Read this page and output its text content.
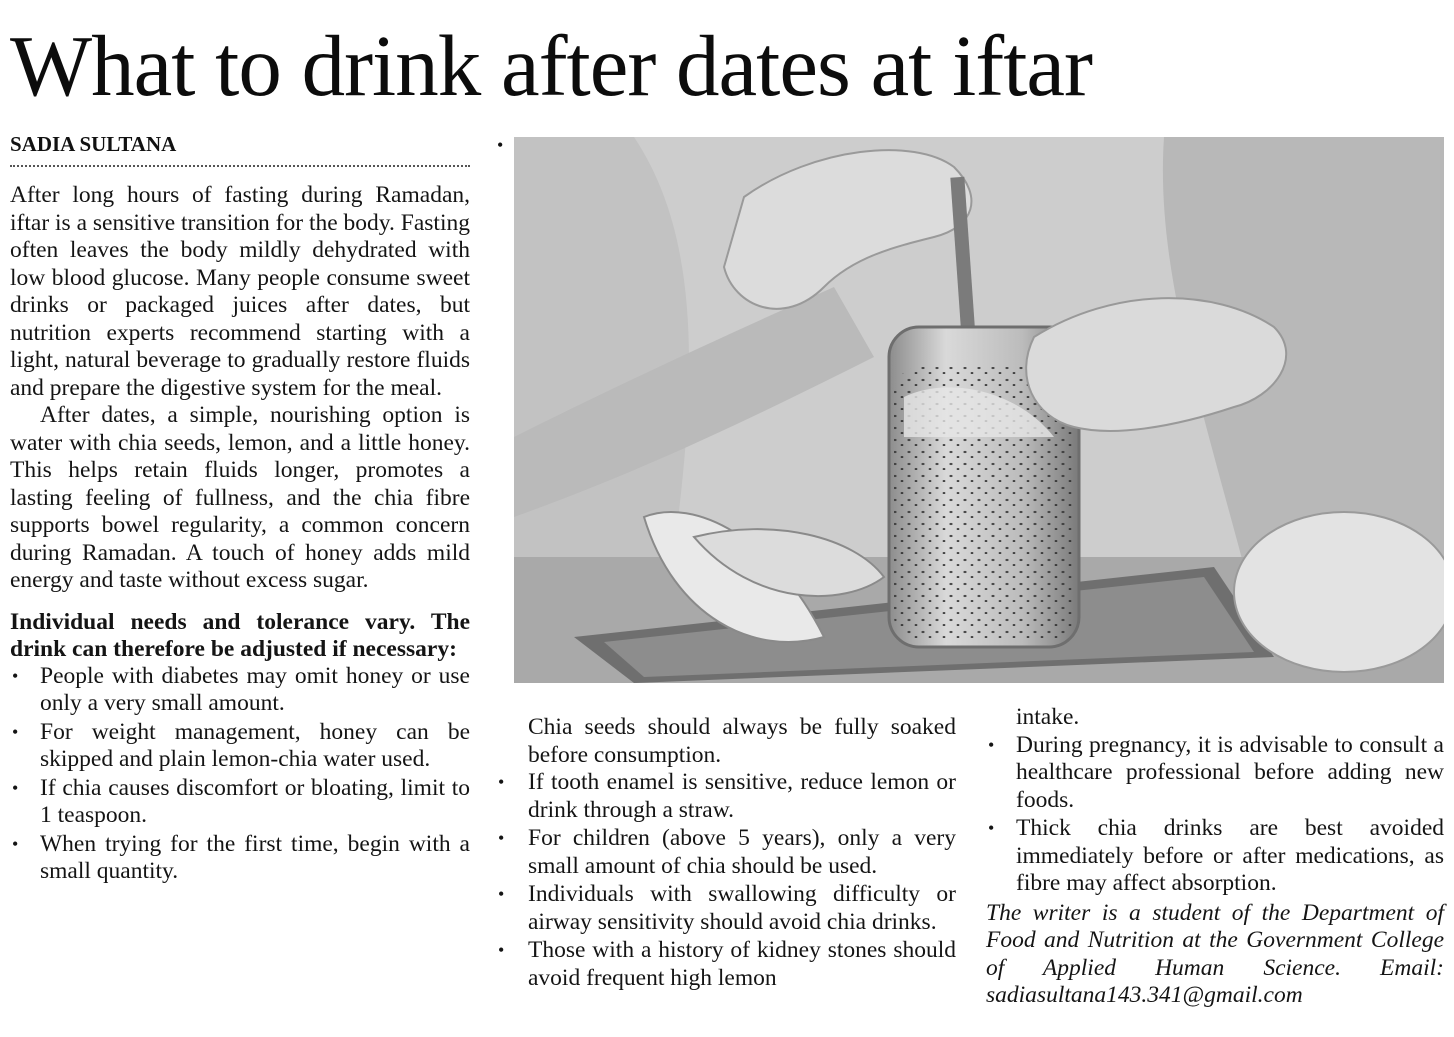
What to drink after dates at iftar
SADIA SULTANA	•

After long hours of fasting during Ramadan, iftar is a sensitive transition for the body. Fasting often leaves the body mildly dehydrated with low blood glucose. Many people consume sweet drinks or packaged juices after dates, but nutrition experts recommend starting with a light, natural beverage to gradually restore fluids and prepare the digestive system for the meal.

After dates, a simple, nourishing option is water with chia seeds, lemon, and a little honey. This helps retain fluids longer, promotes a lasting feeling of fullness, and the chia fibre supports bowel regularity, a common concern during Ramadan. A touch of honey adds mild energy and taste without excess sugar.

Individual needs and tolerance vary. The drink can therefore be adjusted if necessary:

• People with diabetes may omit honey or use only a very small amount.
• For weight management, honey can be skipped and plain lemon-chia water used.
• If chia causes discomfort or bloating, limit to 1 teaspoon.
• When trying for the first time, begin with a small quantity.

Chia seeds should always be fully soaked before consumption.

• If tooth enamel is sensitive, reduce lemon or drink through a straw.
• For children (above 5 years), only a very small amount of chia should be used.
• Individuals with swallowing difficulty or airway sensitivity should avoid chia drinks.
• Those with a history of kidney stones should avoid frequent high lemon

intake.

• During pregnancy, it is advisable to consult a healthcare professional before adding new foods.
• Thick chia drinks are best avoided immediately before or after medications, as fibre may affect absorption.

The writer is a student of the Department of Food and Nutrition at the Government College of Applied Human Science. Email: sadiasultana143.341@gmail.com
